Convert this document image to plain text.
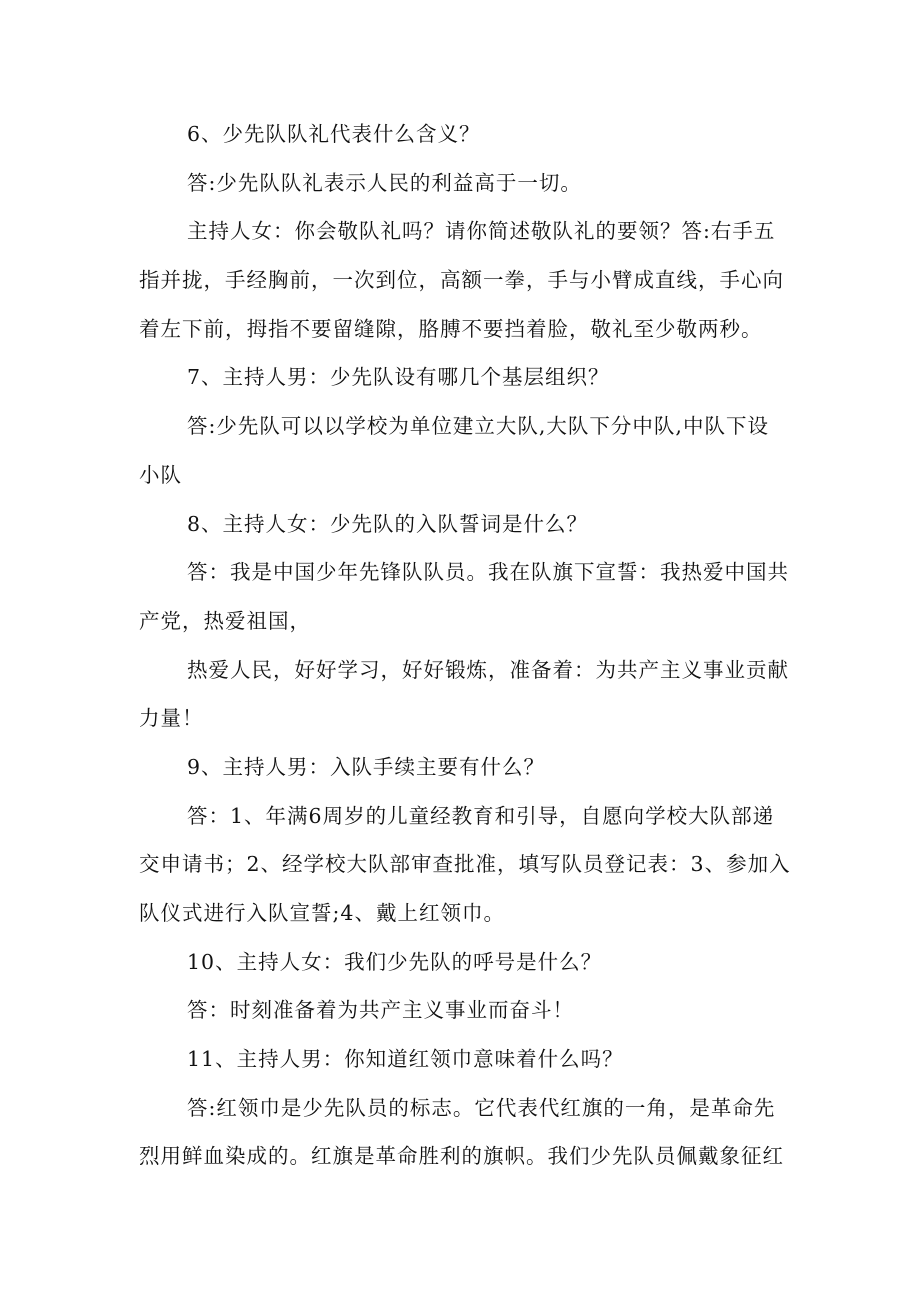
6、少先队队礼代表什么含义？
答:少先队队礼表示人民的利益高于一切。
主持人女：你会敬队礼吗？请你简述敬队礼的要领？答:右手五
指并拢，手经胸前，一次到位，高额一拳，手与小臂成直线，手心向
着左下前，拇指不要留缝隙，胳膊不要挡着脸，敬礼至少敬两秒。
7、主持人男：少先队设有哪几个基层组织？
答:少先队可以以学校为单位建立大队,大队下分中队,中队下设
小队
8、主持人女：少先队的入队誓词是什么？
答：我是中国少年先锋队队员。我在队旗下宣誓：我热爱中国共
产党，热爱祖国，
热爱人民，好好学习，好好锻炼，准备着：为共产主义事业贡献
力量！
9、主持人男：入队手续主要有什么？
答：1、年满6周岁的儿童经教育和引导，自愿向学校大队部递
交申请书；2、经学校大队部审查批准，填写队员登记表：3、参加入
队仪式进行入队宣誓;4、戴上红领巾。
10、主持人女：我们少先队的呼号是什么？
答：时刻准备着为共产主义事业而奋斗！
11、主持人男：你知道红领巾意味着什么吗？
答:红领巾是少先队员的标志。它代表代红旗的一角，是革命先
烈用鲜血染成的。红旗是革命胜利的旗帜。我们少先队员佩戴象征红
